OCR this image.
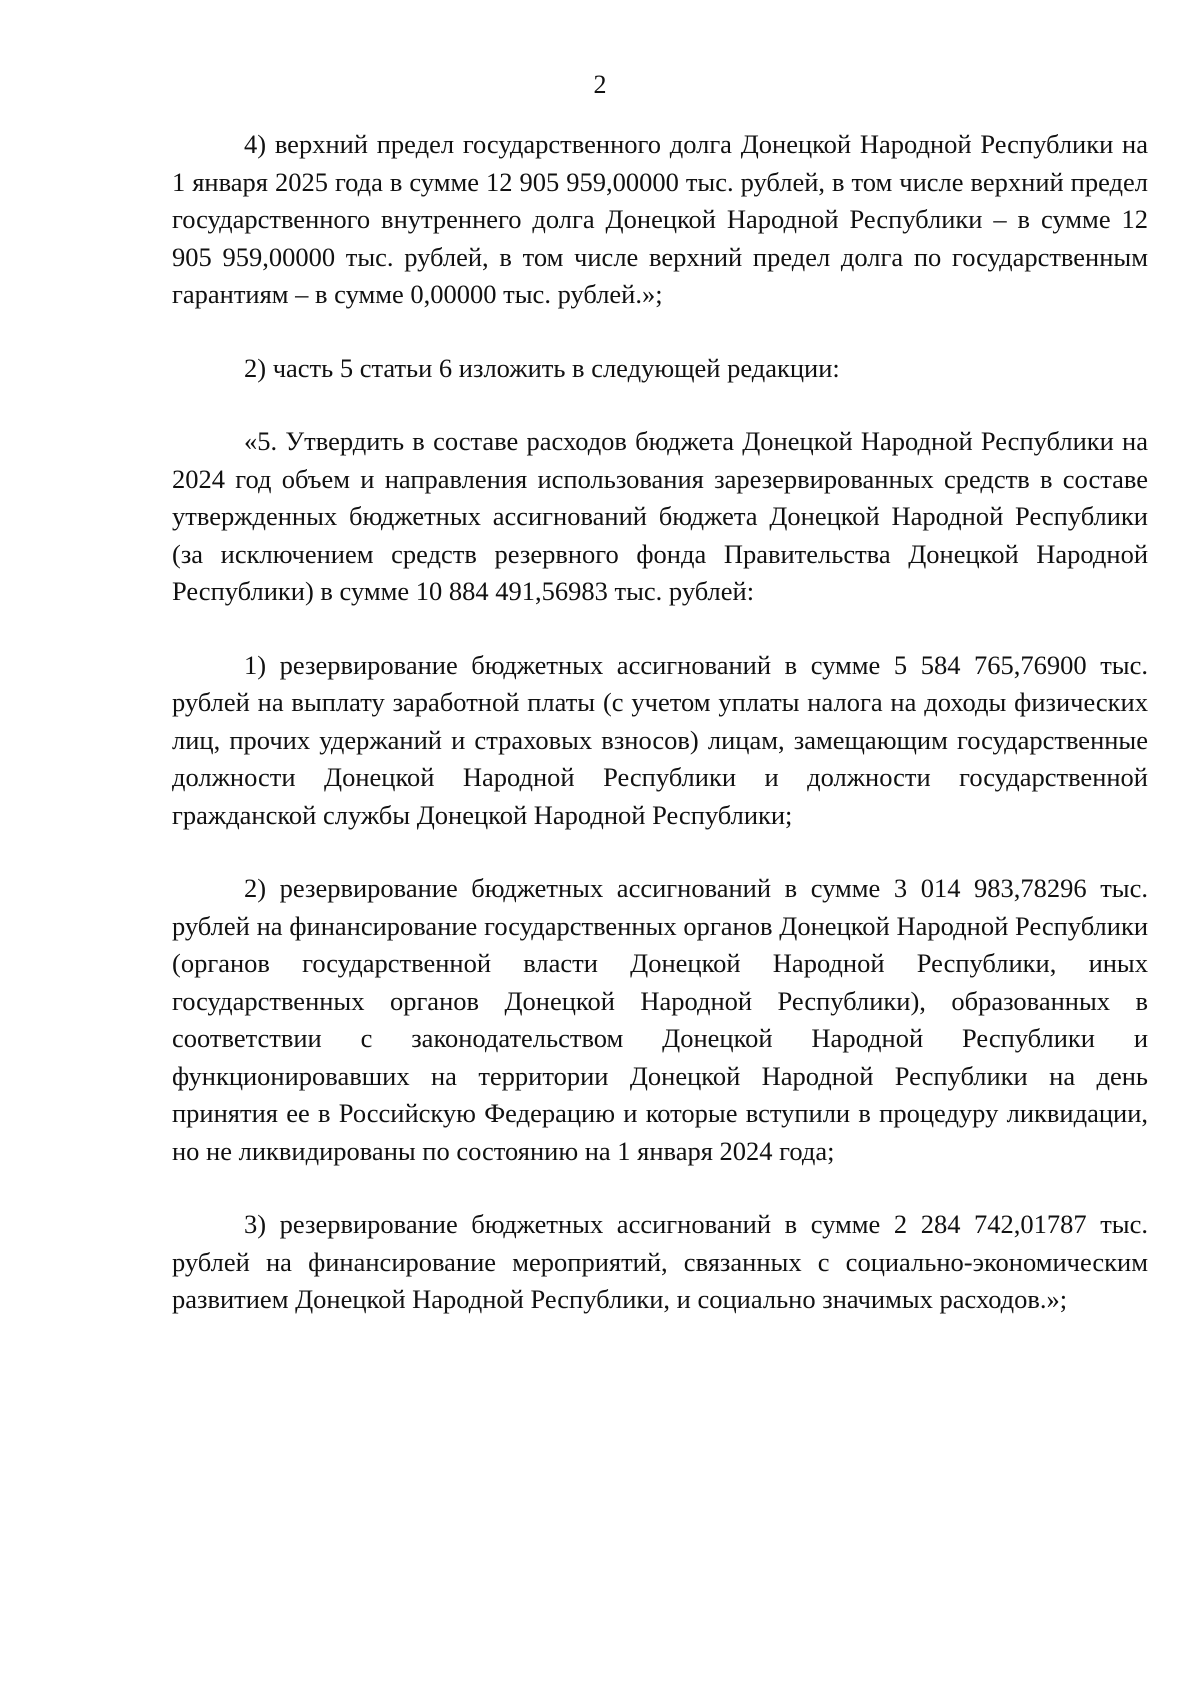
2

4) верхний предел государственного долга Донецкой Народной Республики на 1 января 2025 года в сумме 12 905 959,00000 тыс. рублей, в том числе верхний предел государственного внутреннего долга Донецкой Народной Республики – в сумме 12 905 959,00000 тыс. рублей, в том числе верхний предел долга по государственным гарантиям – в сумме 0,00000 тыс. рублей.»;

2) часть 5 статьи 6 изложить в следующей редакции:

«5. Утвердить в составе расходов бюджета Донецкой Народной Республики на 2024 год объем и направления использования зарезервированных средств в составе утвержденных бюджетных ассигнований бюджета Донецкой Народной Республики (за исключением средств резервного фонда Правительства Донецкой Народной Республики) в сумме 10 884 491,56983 тыс. рублей:

1) резервирование бюджетных ассигнований в сумме 5 584 765,76900 тыс. рублей на выплату заработной платы (с учетом уплаты налога на доходы физических лиц, прочих удержаний и страховых взносов) лицам, замещающим государственные должности Донецкой Народной Республики и должности государственной гражданской службы Донецкой Народной Республики;

2) резервирование бюджетных ассигнований в сумме 3 014 983,78296 тыс. рублей на финансирование государственных органов Донецкой Народной Республики (органов государственной власти Донецкой Народной Республики, иных государственных органов Донецкой Народной Республики), образованных в соответствии с законодательством Донецкой Народной Республики и функционировавших на территории Донецкой Народной Республики на день принятия ее в Российскую Федерацию и которые вступили в процедуру ликвидации, но не ликвидированы по состоянию на 1 января 2024 года;

3) резервирование бюджетных ассигнований в сумме 2 284 742,01787 тыс. рублей на финансирование мероприятий, связанных с социально-экономическим развитием Донецкой Народной Республики, и социально значимых расходов.»;
